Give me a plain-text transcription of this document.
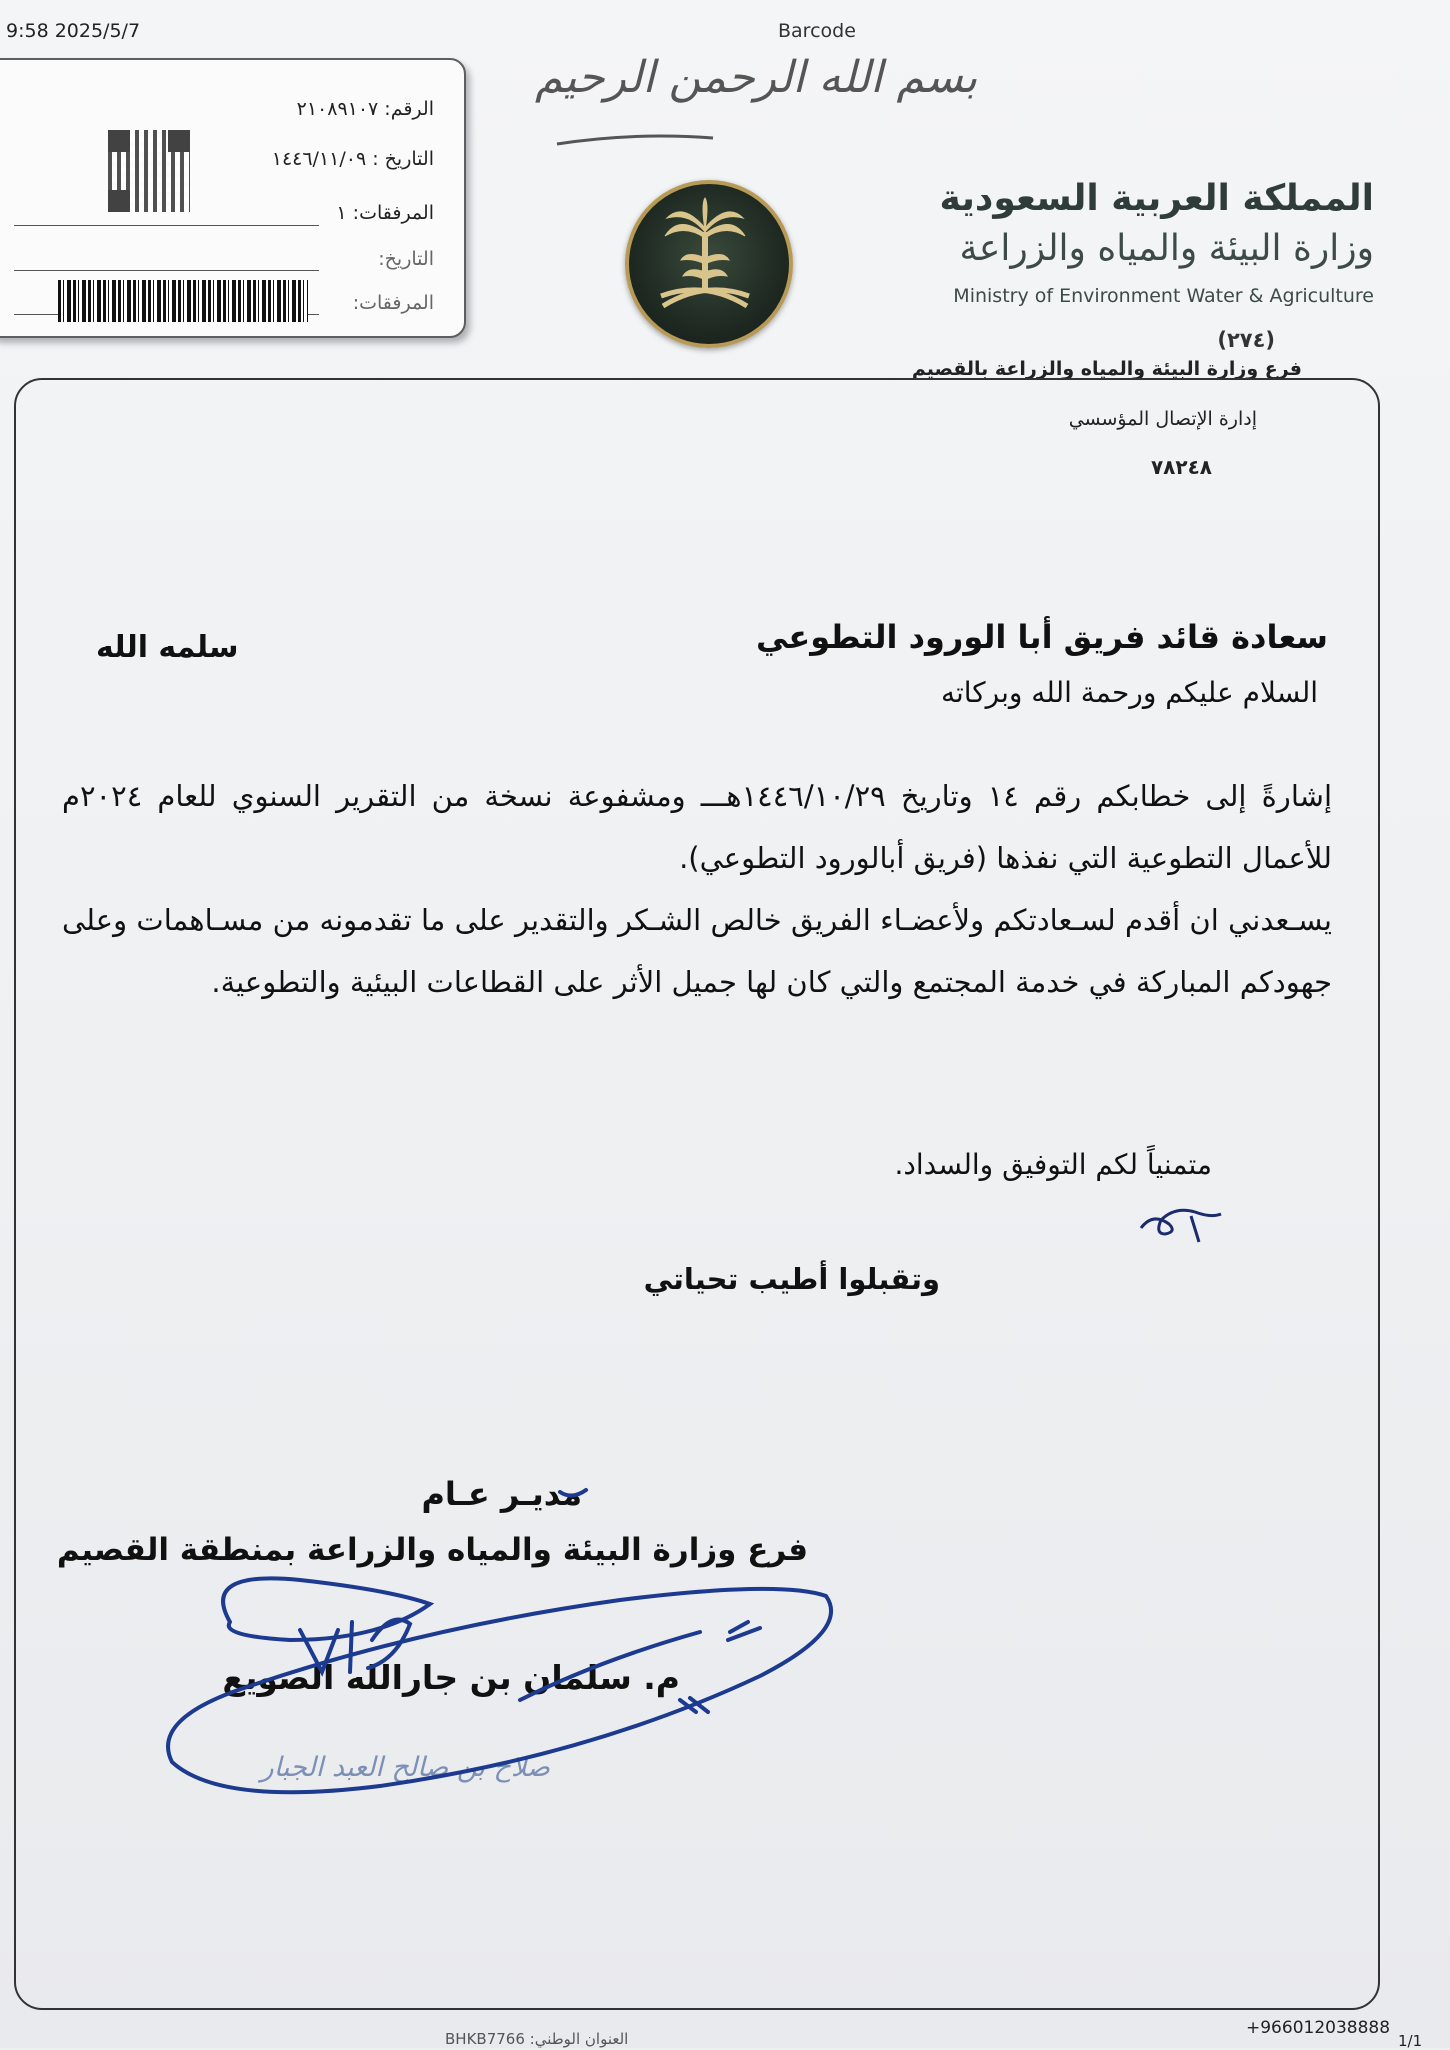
9:58 2025/5/7	Barcode
الرقم: ٢١٠٨٩١٠٧
التاريخ : ١٤٤٦/١١/٠٩
المرفقات: ١
التاريخ:
المرفقات:
بسم الله الرحمن الرحيم
المملكة العربية السعودية
وزارة البيئة والمياه والزراعة
Ministry of Environment Water & Agriculture
(٢٧٤)
فرع وزارة البيئة والمياه والزراعة بالقصيم
إدارة الإتصال المؤسسي
٧٨٢٤٨
سعادة قائد فريق أبا الورود التطوعي
سلمه الله
السلام عليكم ورحمة الله وبركاته

إشارةً إلى خطابكم رقم ١٤ وتاريخ ١٤٤٦/١٠/٢٩هـــ ومشفوعة نسخة من التقرير السنوي للعام ٢٠٢٤م للأعمال التطوعية التي نفذها (فريق أبالورود التطوعي).

يسـعدني ان أقدم لسـعادتكم ولأعضـاء الفريق خالص الشـكر والتقدير على ما تقدمونه من مسـاهمات وعلى جهودكم المباركة في خدمة المجتمع والتي كان لها جميل الأثر على القطاعات البيئية والتطوعية.

متمنياً لكم التوفيق والسداد.
وتقبلوا أطيب تحياتي
مديـر عـام
فرع وزارة البيئة والمياه والزراعة بمنطقة القصيم
م. سلمان بن جارالله الصويع
صلاح بن صالح العبد الجبار
العنوان الوطني: BHKB7766
+966012038888
1/1
